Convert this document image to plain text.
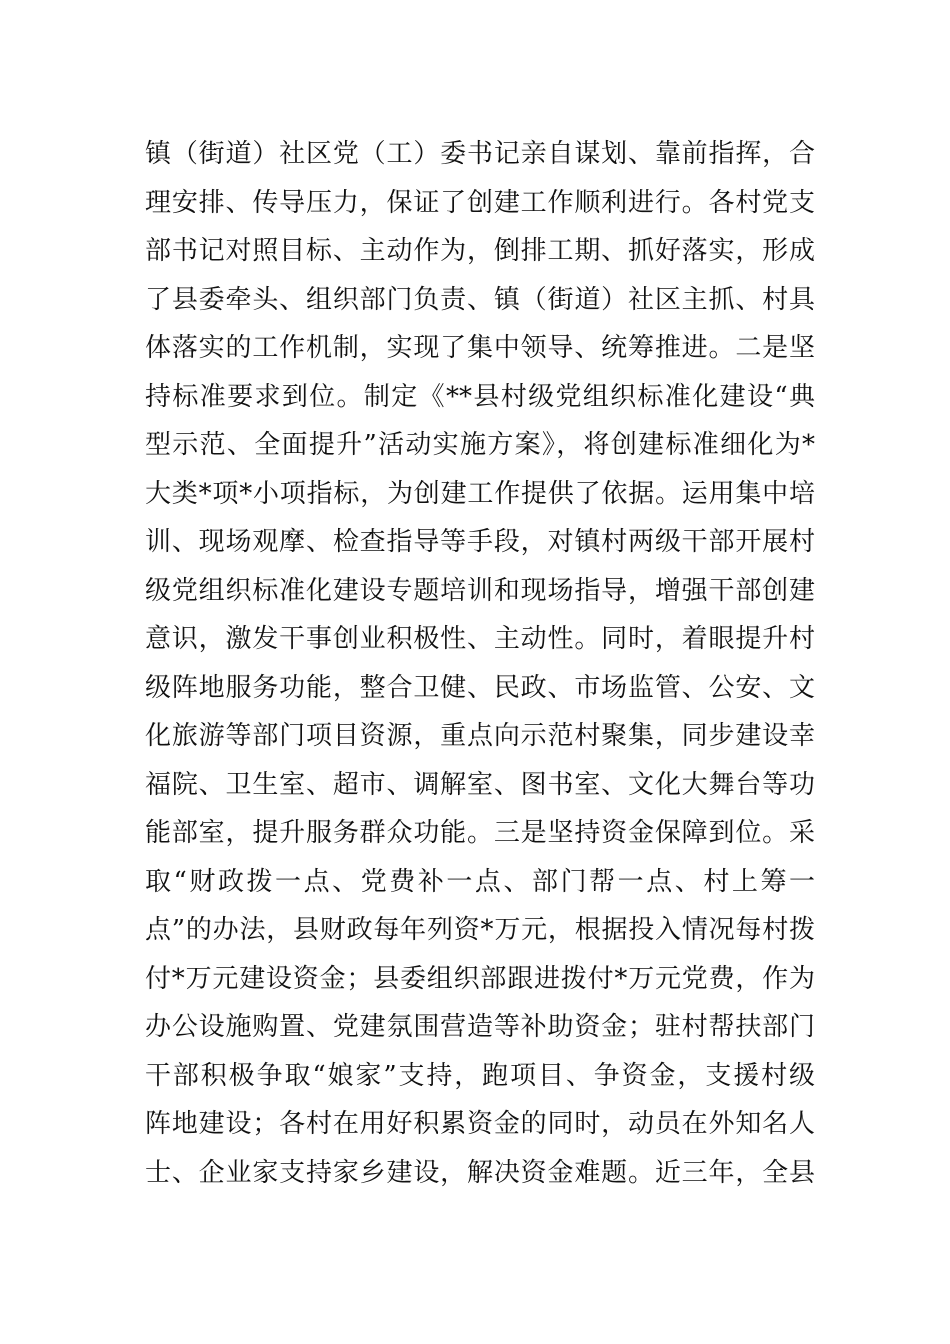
镇（街道）社区党（工）委书记亲自谋划、靠前指挥，合
理安排、传导压力，保证了创建工作顺利进行。各村党支
部书记对照目标、主动作为，倒排工期、抓好落实，形成
了县委牵头、组织部门负责、镇（街道）社区主抓、村具
体落实的工作机制，实现了集中领导、统筹推进。二是坚
持标准要求到位。制定《**县村级党组织标准化建设“典
型示范、全面提升”活动实施方案》，将创建标准细化为*
大类*项*小项指标，为创建工作提供了依据。运用集中培
训、现场观摩、检查指导等手段，对镇村两级干部开展村
级党组织标准化建设专题培训和现场指导，增强干部创建
意识，激发干事创业积极性、主动性。同时，着眼提升村
级阵地服务功能，整合卫健、民政、市场监管、公安、文
化旅游等部门项目资源，重点向示范村聚集，同步建设幸
福院、卫生室、超市、调解室、图书室、文化大舞台等功
能部室，提升服务群众功能。三是坚持资金保障到位。采
取“财政拨一点、党费补一点、部门帮一点、村上筹一
点”的办法，县财政每年列资*万元，根据投入情况每村拨
付*万元建设资金；县委组织部跟进拨付*万元党费，作为
办公设施购置、党建氛围营造等补助资金；驻村帮扶部门
干部积极争取“娘家”支持，跑项目、争资金，支援村级
阵地建设；各村在用好积累资金的同时，动员在外知名人
士、企业家支持家乡建设，解决资金难题。近三年，全县
